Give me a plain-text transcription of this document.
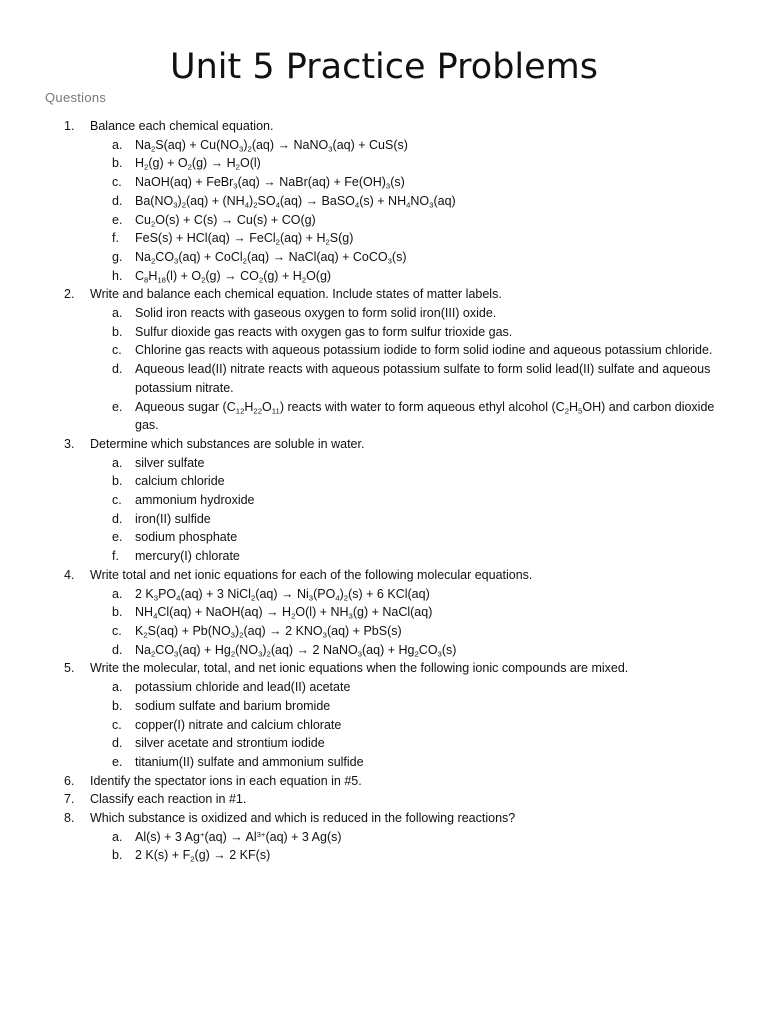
Unit 5 Practice Problems
Questions
1.	Balance each chemical equation.
a.	$Na_2S(aq) + Cu(NO_3)_2(aq)$ → NaNO$_3$(aq) + CuS(s)
b.	$H_2(g) + O_2(g) \to H_2O(l)$
c.	NaOH(aq) + FeBr$_3$(aq) → NaBr(aq) + $Fe(OH)_3(s)$
d.	$Ba(NO_3)_2(aq) + (NH_4)_2SO_4(aq)$ → BaSO$_4$(s) + $NH_4NO_3(aq)$
e.	$Cu_2O(s) + C(s) \to Cu(s) + CO(g)$
f.	FeS(s) + HCl(aq) → FeCl$_2$(aq) + $H_2S(g)$
g.	$Na_2CO_3(aq)$ + CoCl$_2$(aq) → NaCl(aq) + CoCO$_3$(s)
h.	$C_8H_{18}(l) + O_2(g) \to CO_2(g) + H_2O(g)$
2.	Write and balance each chemical equation. Include states of matter labels.
a.	Solid iron reacts with gaseous oxygen to form solid iron(III) oxide.
b.	Sulfur dioxide gas reacts with oxygen gas to form sulfur trioxide gas.
c.	Chlorine gas reacts with aqueous potassium iodide to form solid iodine and aqueous potassium chloride.
d.	Aqueous lead(II) nitrate reacts with aqueous potassium sulfate to form solid lead(II) sulfate and aqueous potassium nitrate.
e.	Aqueous sugar $(C_{12}H_{22}O_{11})$ reacts with water to form aqueous ethyl alcohol $(C_2H_5OH)$ and carbon dioxide gas.
3.	Determine which substances are soluble in water.
a.	silver sulfate
b.	calcium chloride
c.	ammonium hydroxide
d.	iron(II) sulfide
e.	sodium phosphate
f.	mercury(I) chlorate
4.	Write total and net ionic equations for each of the following molecular equations.
a.	2 $K_3PO_4(aq) + 3$ NiCl$_2$(aq) → $Ni_3(PO_4)_2(s) + 6$ KCl(aq)
b.	$NH_4Cl(aq)$ + NaOH(aq) → $H_2O(l) + NH_3(g)$ + NaCl(aq)
c.	$K_2S(aq) + Pb(NO_3)_2(aq) \to 2$ $KNO_3(aq) + PbS(s)$
d.	$Na_2CO_3(aq) + Hg_2(NO_3)_2(aq) \to 2$ NaNO$_3$(aq) + $Hg_2CO_3(s)$
5.	Write the molecular, total, and net ionic equations when the following ionic compounds are mixed.
a.	potassium chloride and lead(II) acetate
b.	sodium sulfate and barium bromide
c.	copper(I) nitrate and calcium chlorate
d.	silver acetate and strontium iodide
e.	titanium(II) sulfate and ammonium sulfide
6.	Identify the spectator ions in each equation in #5.
7.	Classify each reaction in #1.
8.	Which substance is oxidized and which is reduced in the following reactions?
a.	Al(s) + 3 $Ag^+(aq) \to Al^{3+}(aq) + 3$ Ag(s)
b.	2 $K(s) + F_2(g) \to 2$ KF(s)
